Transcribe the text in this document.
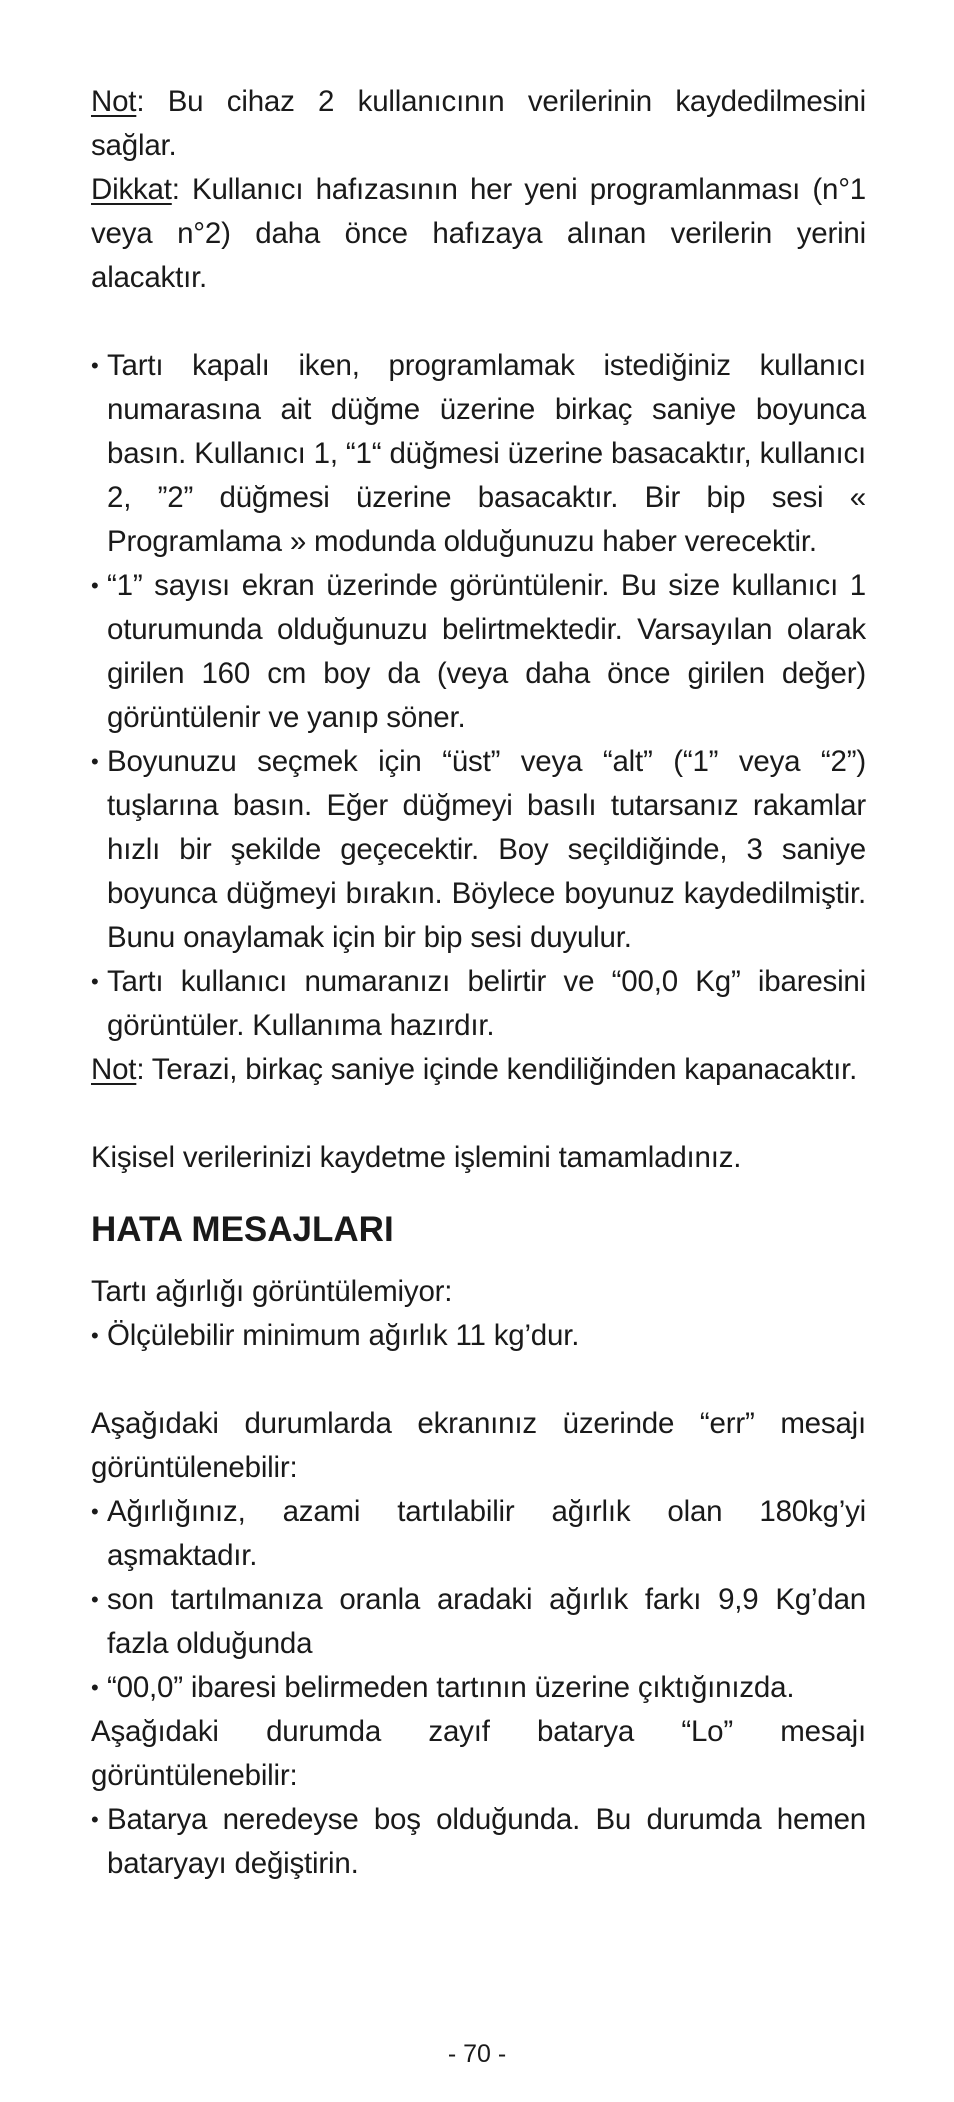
Not: Bu cihaz 2 kullanıcının verilerinin kaydedilmesini sağlar.

Dikkat: Kullanıcı hafızasının her yeni programlanması (n°1 veya n°2) daha önce hafızaya alınan verilerin yerini alacaktır.

• Tartı kapalı iken, programlamak istediğiniz kullanıcı numarasına ait düğme üzerine birkaç saniye boyunca basın. Kullanıcı 1, “1“ düğmesi üzerine basacaktır, kullanıcı 2, ”2” düğmesi üzerine basacaktır. Bir bip sesi « Programlama » modunda olduğunuzu haber verecektir.
• “1” sayısı ekran üzerinde görüntülenir. Bu size kullanıcı 1 oturumunda olduğunuzu belirtmektedir. Varsayılan olarak girilen 160 cm boy da (veya daha önce girilen değer) görüntülenir ve yanıp söner.
• Boyunuzu seçmek için “üst” veya “alt” (“1” veya “2”) tuşlarına basın. Eğer düğmeyi basılı tutarsanız rakamlar hızlı bir şekilde geçecektir. Boy seçildiğinde, 3 saniye boyunca düğmeyi bırakın. Böylece boyunuz kaydedilmiştir. Bunu onaylamak için bir bip sesi duyulur.
• Tartı kullanıcı numaranızı belirtir ve “00,0 Kg” ibaresini görüntüler. Kullanıma hazırdır.

Not: Terazi, birkaç saniye içinde kendiliğinden kapanacaktır.

Kişisel verilerinizi kaydetme işlemini tamamladınız.

HATA MESAJLARI

Tartı ağırlığı görüntülemiyor:

• Ölçülebilir minimum ağırlık 11 kg’dur.

Aşağıdaki durumlarda ekranınız üzerinde “err” mesajı görüntülenebilir:

• Ağırlığınız, azami tartılabilir ağırlık olan 180kg’yi aşmaktadır.
• son tartılmanıza oranla aradaki ağırlık farkı 9,9 Kg’dan fazla olduğunda
• “00,0” ibaresi belirmeden tartının üzerine çıktığınızda.

Aşağıdaki durumda zayıf batarya “Lo” mesajı görüntülenebilir:

• Batarya neredeyse boş olduğunda. Bu durumda hemen bataryayı değiştirin.
- 70 -
